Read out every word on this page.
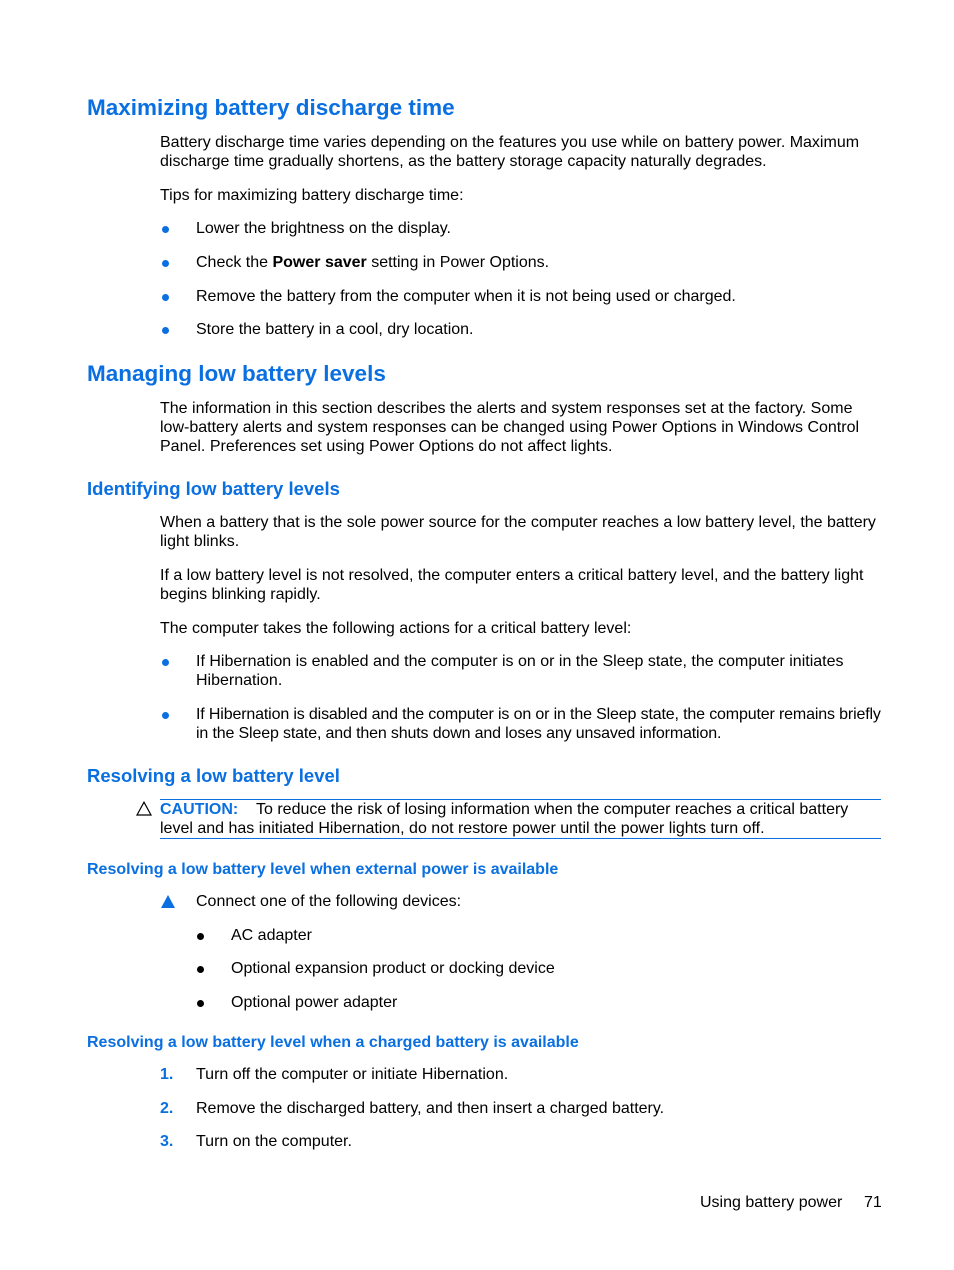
Maximizing battery discharge time
Battery discharge time varies depending on the features you use while on battery power. Maximum discharge time gradually shortens, as the battery storage capacity naturally degrades.
Tips for maximizing battery discharge time:
Lower the brightness on the display.
Check the Power saver setting in Power Options.
Remove the battery from the computer when it is not being used or charged.
Store the battery in a cool, dry location.
Managing low battery levels
The information in this section describes the alerts and system responses set at the factory. Some low-battery alerts and system responses can be changed using Power Options in Windows Control Panel. Preferences set using Power Options do not affect lights.
Identifying low battery levels
When a battery that is the sole power source for the computer reaches a low battery level, the battery light blinks.
If a low battery level is not resolved, the computer enters a critical battery level, and the battery light begins blinking rapidly.
The computer takes the following actions for a critical battery level:
If Hibernation is enabled and the computer is on or in the Sleep state, the computer initiates Hibernation.
If Hibernation is disabled and the computer is on or in the Sleep state, the computer remains briefly in the Sleep state, and then shuts down and loses any unsaved information.
Resolving a low battery level
CAUTION: To reduce the risk of losing information when the computer reaches a critical battery level and has initiated Hibernation, do not restore power until the power lights turn off.
Resolving a low battery level when external power is available
Connect one of the following devices:
AC adapter
Optional expansion product or docking device
Optional power adapter
Resolving a low battery level when a charged battery is available
1. Turn off the computer or initiate Hibernation.
2. Remove the discharged battery, and then insert a charged battery.
3. Turn on the computer.
Using battery power 71
